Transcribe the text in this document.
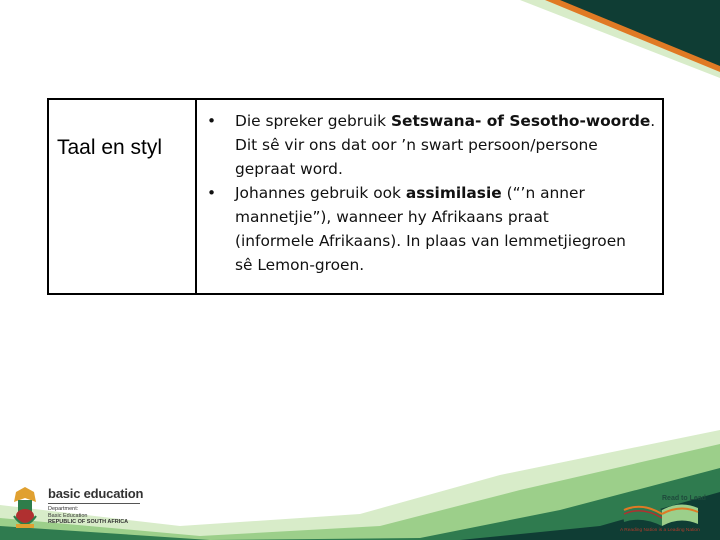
Taal en styl
• Die spreker gebruik Setswana- of Sesotho-woorde.
Dit sê vir ons dat oor ’n swart persoon/persone
gepraat word.
• Johannes gebruik ook assimilasie (“’n anner
mannetjie”), wanneer hy Afrikaans praat
(informele Afrikaans). In plaas van lemmetjiegroen
sê Lemon-groen.
basic education
Department:
Basic Education
REPUBLIC OF SOUTH AFRICA
Read to Lead
A Reading Nation is a Leading Nation
